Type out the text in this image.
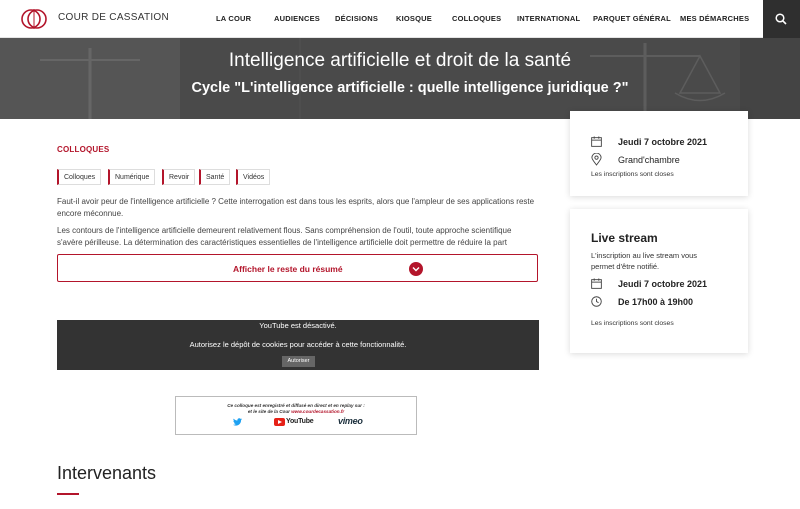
COUR DE CASSATION	LA COUR	AUDIENCES DÉCISIONS KIOSQUE	COLLOQUES INTERNATIONAL PARQUET GÉNÉRAL MES DÉMARCHES
Intelligence artificielle et droit de la santé
Cycle "L'intelligence artificielle : quelle intelligence juridique ?"
COLLOQUES
Colloques	Numérique	Revoir	Santé	Vidéos

Faut-il avoir peur de l'intelligence artificielle ? Cette interrogation est dans tous les esprits, alors que l'ampleur de ses applications reste encore méconnue.

Les contours de l'intelligence artificielle demeurent relativement flous. Sans compréhension de l'outil, toute approche scientifique s'avère périlleuse. La détermination des caractéristiques essentielles de l'intelligence artificielle doit permettre de réduire la part

Afficher le reste du résumé
YouTube est désactivé.
Autorisez le dépôt de cookies pour accéder à cette fonctionnalité.
Autoriser
Ce colloque est enregistré et diffusé en direct et en replay sur :
et le site de la Cour www.courdecassation.fr
YouTube	vimeo
Intervenants
Jeudi 7 octobre 2021
Grand'chambre
Les inscriptions sont closes
Live stream
L'inscription au live stream vous permet d'être notifié.
Jeudi 7 octobre 2021
De 17h00 à 19h00
Les inscriptions sont closes
